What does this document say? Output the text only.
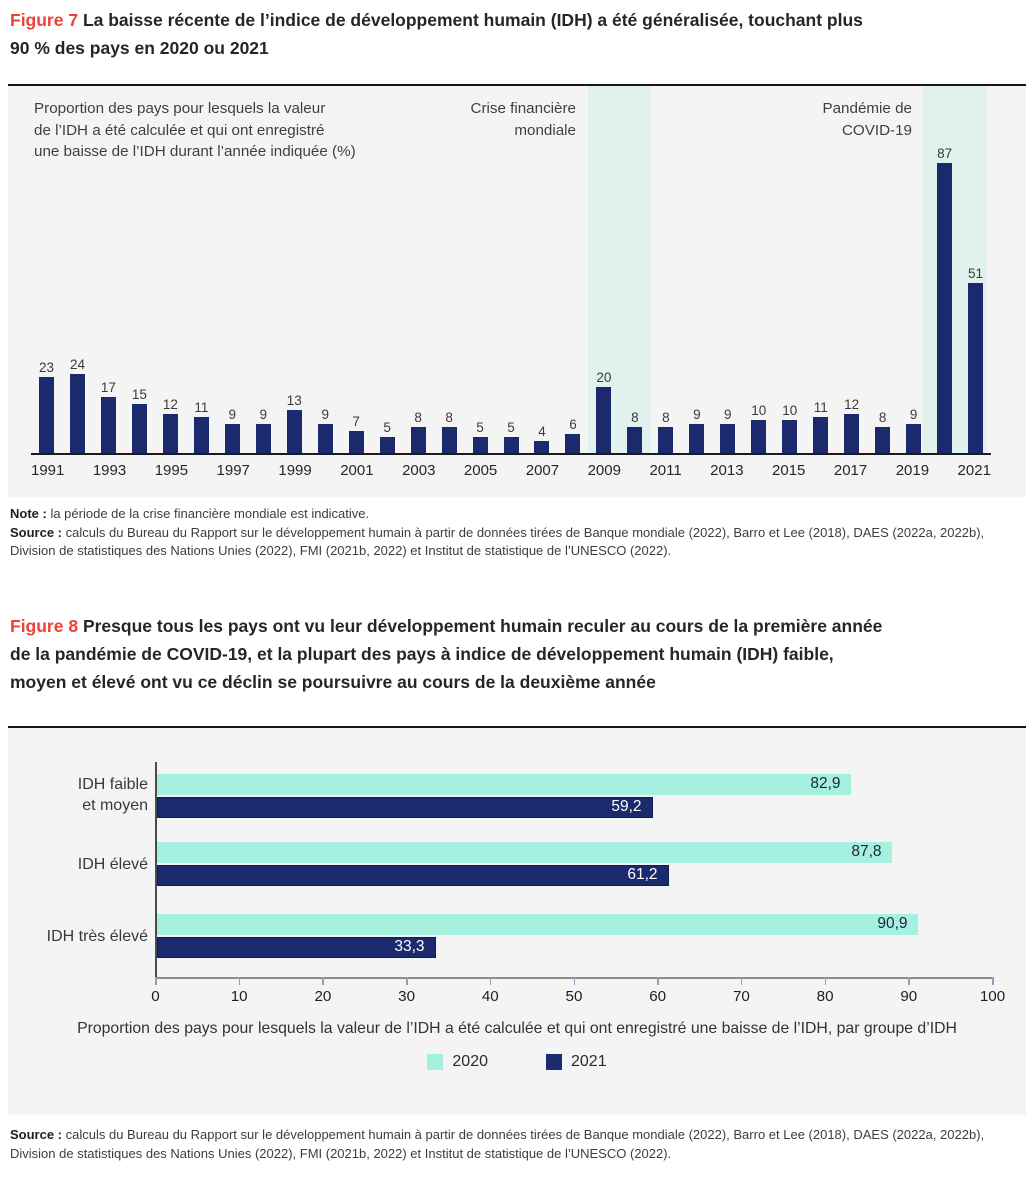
Figure 7 La baisse récente de l’indice de développement humain (IDH) a été généralisée, touchant plus
90 % des pays en 2020 ou 2021
Proportion des pays pour lesquels la valeur
de l’IDH a été calculée et qui ont enregistré
une baisse de l’IDH durant l’année indiquée (%)
Crise financière
mondiale
Pandémie de
COVID-19
23 24
17 15
12 11 9 9
13
9 7 5
8 8
5 5 4 6
20
8 8 9 9 10 10 11 12
8 9
87
51
1991 1993 1995 1997 1999 2001 2003 2005 2007 2009 2011 2013 2015 2017 2019 2021
Note : la période de la crise financière mondiale est indicative.
Source : calculs du Bureau du Rapport sur le développement humain à partir de données tirées de Banque mondiale (2022), Barro et Lee (2018), DAES (2022a, 2022b), Division de statistiques des Nations Unies (2022), FMI (2021b, 2022) et Institut de statistique de l’UNESCO (2022).
Figure 8 Presque tous les pays ont vu leur développement humain reculer au cours de la première année
de la pandémie de COVID-19, et la plupart des pays à indice de développement humain (IDH) faible,
moyen et élevé ont vu ce déclin se poursuivre au cours de la deuxième année
82,9
59,2
IDH faible
et moyen
87,8
61,2
IDH élevé
90,9
33,3
IDH très élevé
0	10	20	30	40	50	60	70	80	90	100
Proportion des pays pour lesquels la valeur de l’IDH a été calculée et qui ont enregistré une baisse de l’IDH, par groupe d’IDH
2020	2021
Source : calculs du Bureau du Rapport sur le développement humain à partir de données tirées de Banque mondiale (2022), Barro et Lee (2018), DAES (2022a, 2022b), Division de statistiques des Nations Unies (2022), FMI (2021b, 2022) et Institut de statistique de l’UNESCO (2022).
